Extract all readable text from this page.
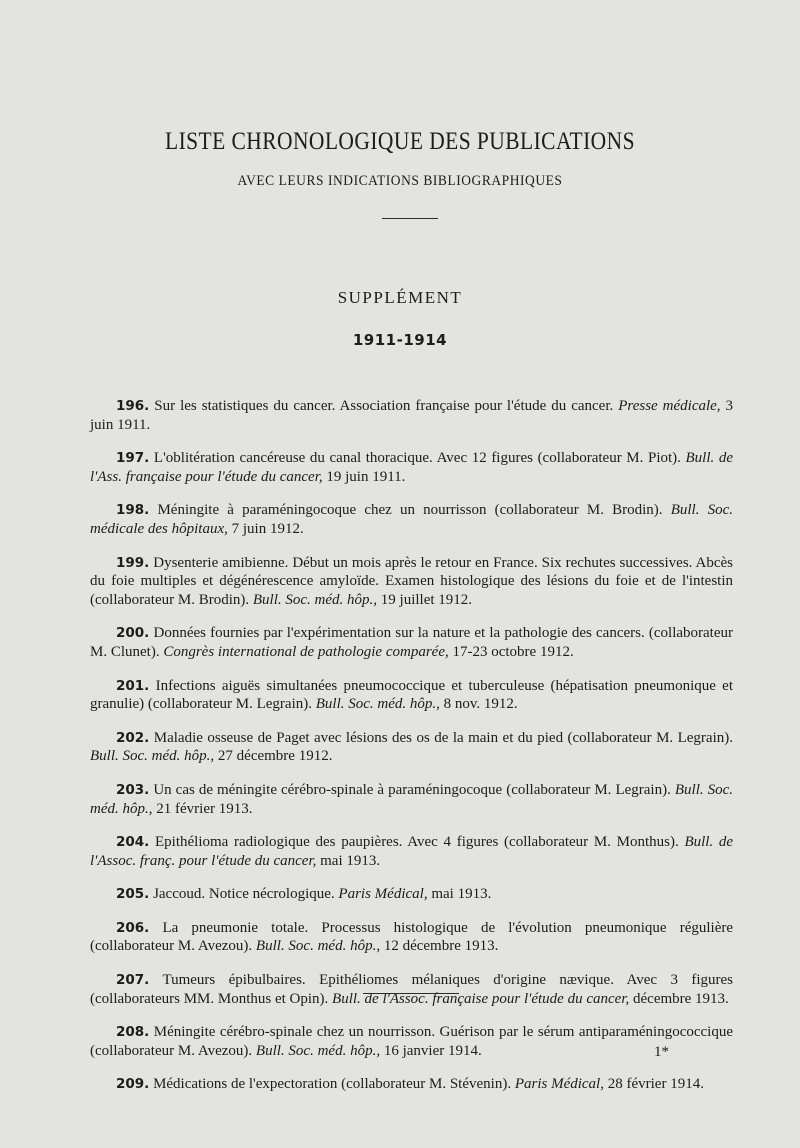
LISTE CHRONOLOGIQUE DES PUBLICATIONS
AVEC LEURS INDICATIONS BIBLIOGRAPHIQUES
SUPPLÉMENT
1911-1914

196. Sur les statistiques du cancer. Association française pour l'étude du cancer. Presse médicale, 3 juin 1911.

197. L'oblitération cancéreuse du canal thoracique. Avec 12 figures (collaborateur M. Piot). Bull. de l'Ass. française pour l'étude du cancer, 19 juin 1911.

198. Méningite à paraméningocoque chez un nourrisson (collaborateur M. Brodin). Bull. Soc. médicale des hôpitaux, 7 juin 1912.

199. Dysenterie amibienne. Début un mois après le retour en France. Six rechutes successives. Abcès du foie multiples et dégénérescence amyloïde. Examen histologique des lésions du foie et de l'intestin (collaborateur M. Brodin). Bull. Soc. méd. hôp., 19 juillet 1912.

200. Données fournies par l'expérimentation sur la nature et la pathologie des cancers. (collaborateur M. Clunet). Congrès international de pathologie comparée, 17-23 octobre 1912.

201. Infections aiguës simultanées pneumococcique et tuberculeuse (hépatisation pneumonique et granulie) (collaborateur M. Legrain). Bull. Soc. méd. hôp., 8 nov. 1912.

202. Maladie osseuse de Paget avec lésions des os de la main et du pied (collaborateur M. Legrain). Bull. Soc. méd. hôp., 27 décembre 1912.

203. Un cas de méningite cérébro-spinale à paraméningocoque (collaborateur M. Legrain). Bull. Soc. méd. hôp., 21 février 1913.

204. Epithélioma radiologique des paupières. Avec 4 figures (collaborateur M. Monthus). Bull. de l'Assoc. franç. pour l'étude du cancer, mai 1913.

205. Jaccoud. Notice nécrologique. Paris Médical, mai 1913.

206. La pneumonie totale. Processus histologique de l'évolution pneumonique régulière (collaborateur M. Avezou). Bull. Soc. méd. hôp., 12 décembre 1913.

207. Tumeurs épibulbaires. Epithéliomes mélaniques d'origine nævique. Avec 3 figures (collaborateurs MM. Monthus et Opin). Bull. de l'Assoc. française pour l'étude du cancer, décembre 1913.

208. Méningite cérébro-spinale chez un nourrisson. Guérison par le sérum antiparaméningococcique (collaborateur M. Avezou). Bull. Soc. méd. hôp., 16 janvier 1914.

209. Médications de l'expectoration (collaborateur M. Stévenin). Paris Médical, 28 février 1914.

1*
